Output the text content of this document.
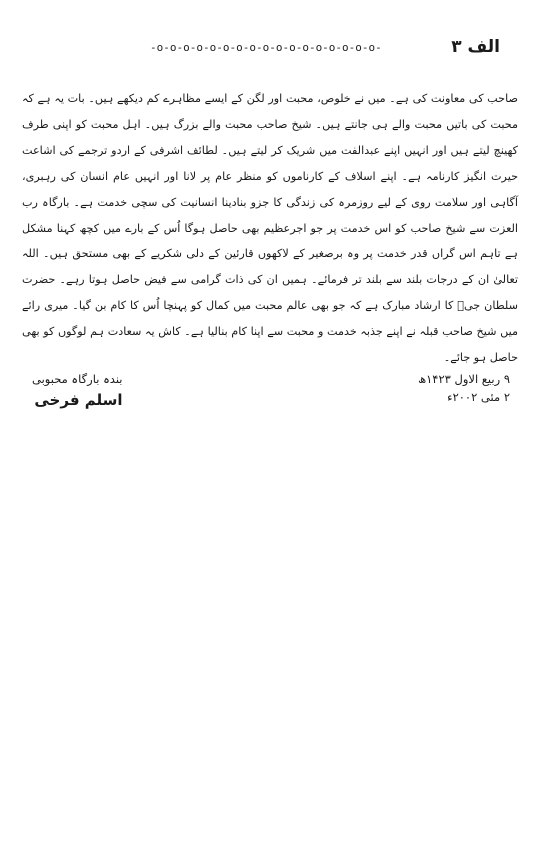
الف ۳
-o-o-o-o-o-o-o-o-o-o-o-o-o-o-o-o-o-
صاحب کی معاونت کی ہے۔ میں نے خلوص، محبت اور لگن کے ایسے مظاہرے کم دیکھے ہیں۔ بات یہ ہے کہ محبت کی باتیں محبت والے ہی جانتے ہیں۔ شیخ صاحب محبت والے بزرگ ہیں۔ اہل محبت کو اپنی طرف کھینچ لیتے ہیں اور انہیں اپنے عبدالفت میں شریک کر لیتے ہیں۔ لطائف اشرفی کے اردو ترجمے کی اشاعت حیرت انگیز کارنامہ ہے۔ اپنے اسلاف کے کارناموں کو منظر عام پر لانا اور انہیں عام انسان کی رہبری، آگاہی اور سلامت روی کے لیے روزمرہ کی زندگی کا جزو بنادینا انسانیت کی سچی خدمت ہے۔ بارگاہ رب العزت سے شیخ صاحب کو اس خدمت پر جو اجرعظیم بھی حاصل ہوگا اُس کے بارے میں کچھ کہنا مشکل ہے تاہم اس گراں قدر خدمت پر وہ برصغیر کے لاکھوں قارئین کے دلی شکریے کے بھی مستحق ہیں۔ اللہ تعالیٰ ان کے درجات بلند سے بلند تر فرمائے۔ ہمیں ان کی ذات گرامی سے فیض حاصل ہوتا رہے۔ حضرت سلطان جیؒ کا ارشاد مبارک ہے کہ جو بھی عالم محبت میں کمال کو پہنچا اُس کا کام بن گیا۔ میری رائے میں شیخ صاحب قبلہ نے اپنے جذبہ خدمت و محبت سے اپنا کام بنالیا ہے۔ کاش یہ سعادت ہم لوگوں کو بھی حاصل ہو جائے۔
۹ ربیع الاول ۱۴۲۳ھ
۲ مئی ۲۰۰۲ء
بندہ بارگاہ محبوبی
اسلم فرخی
